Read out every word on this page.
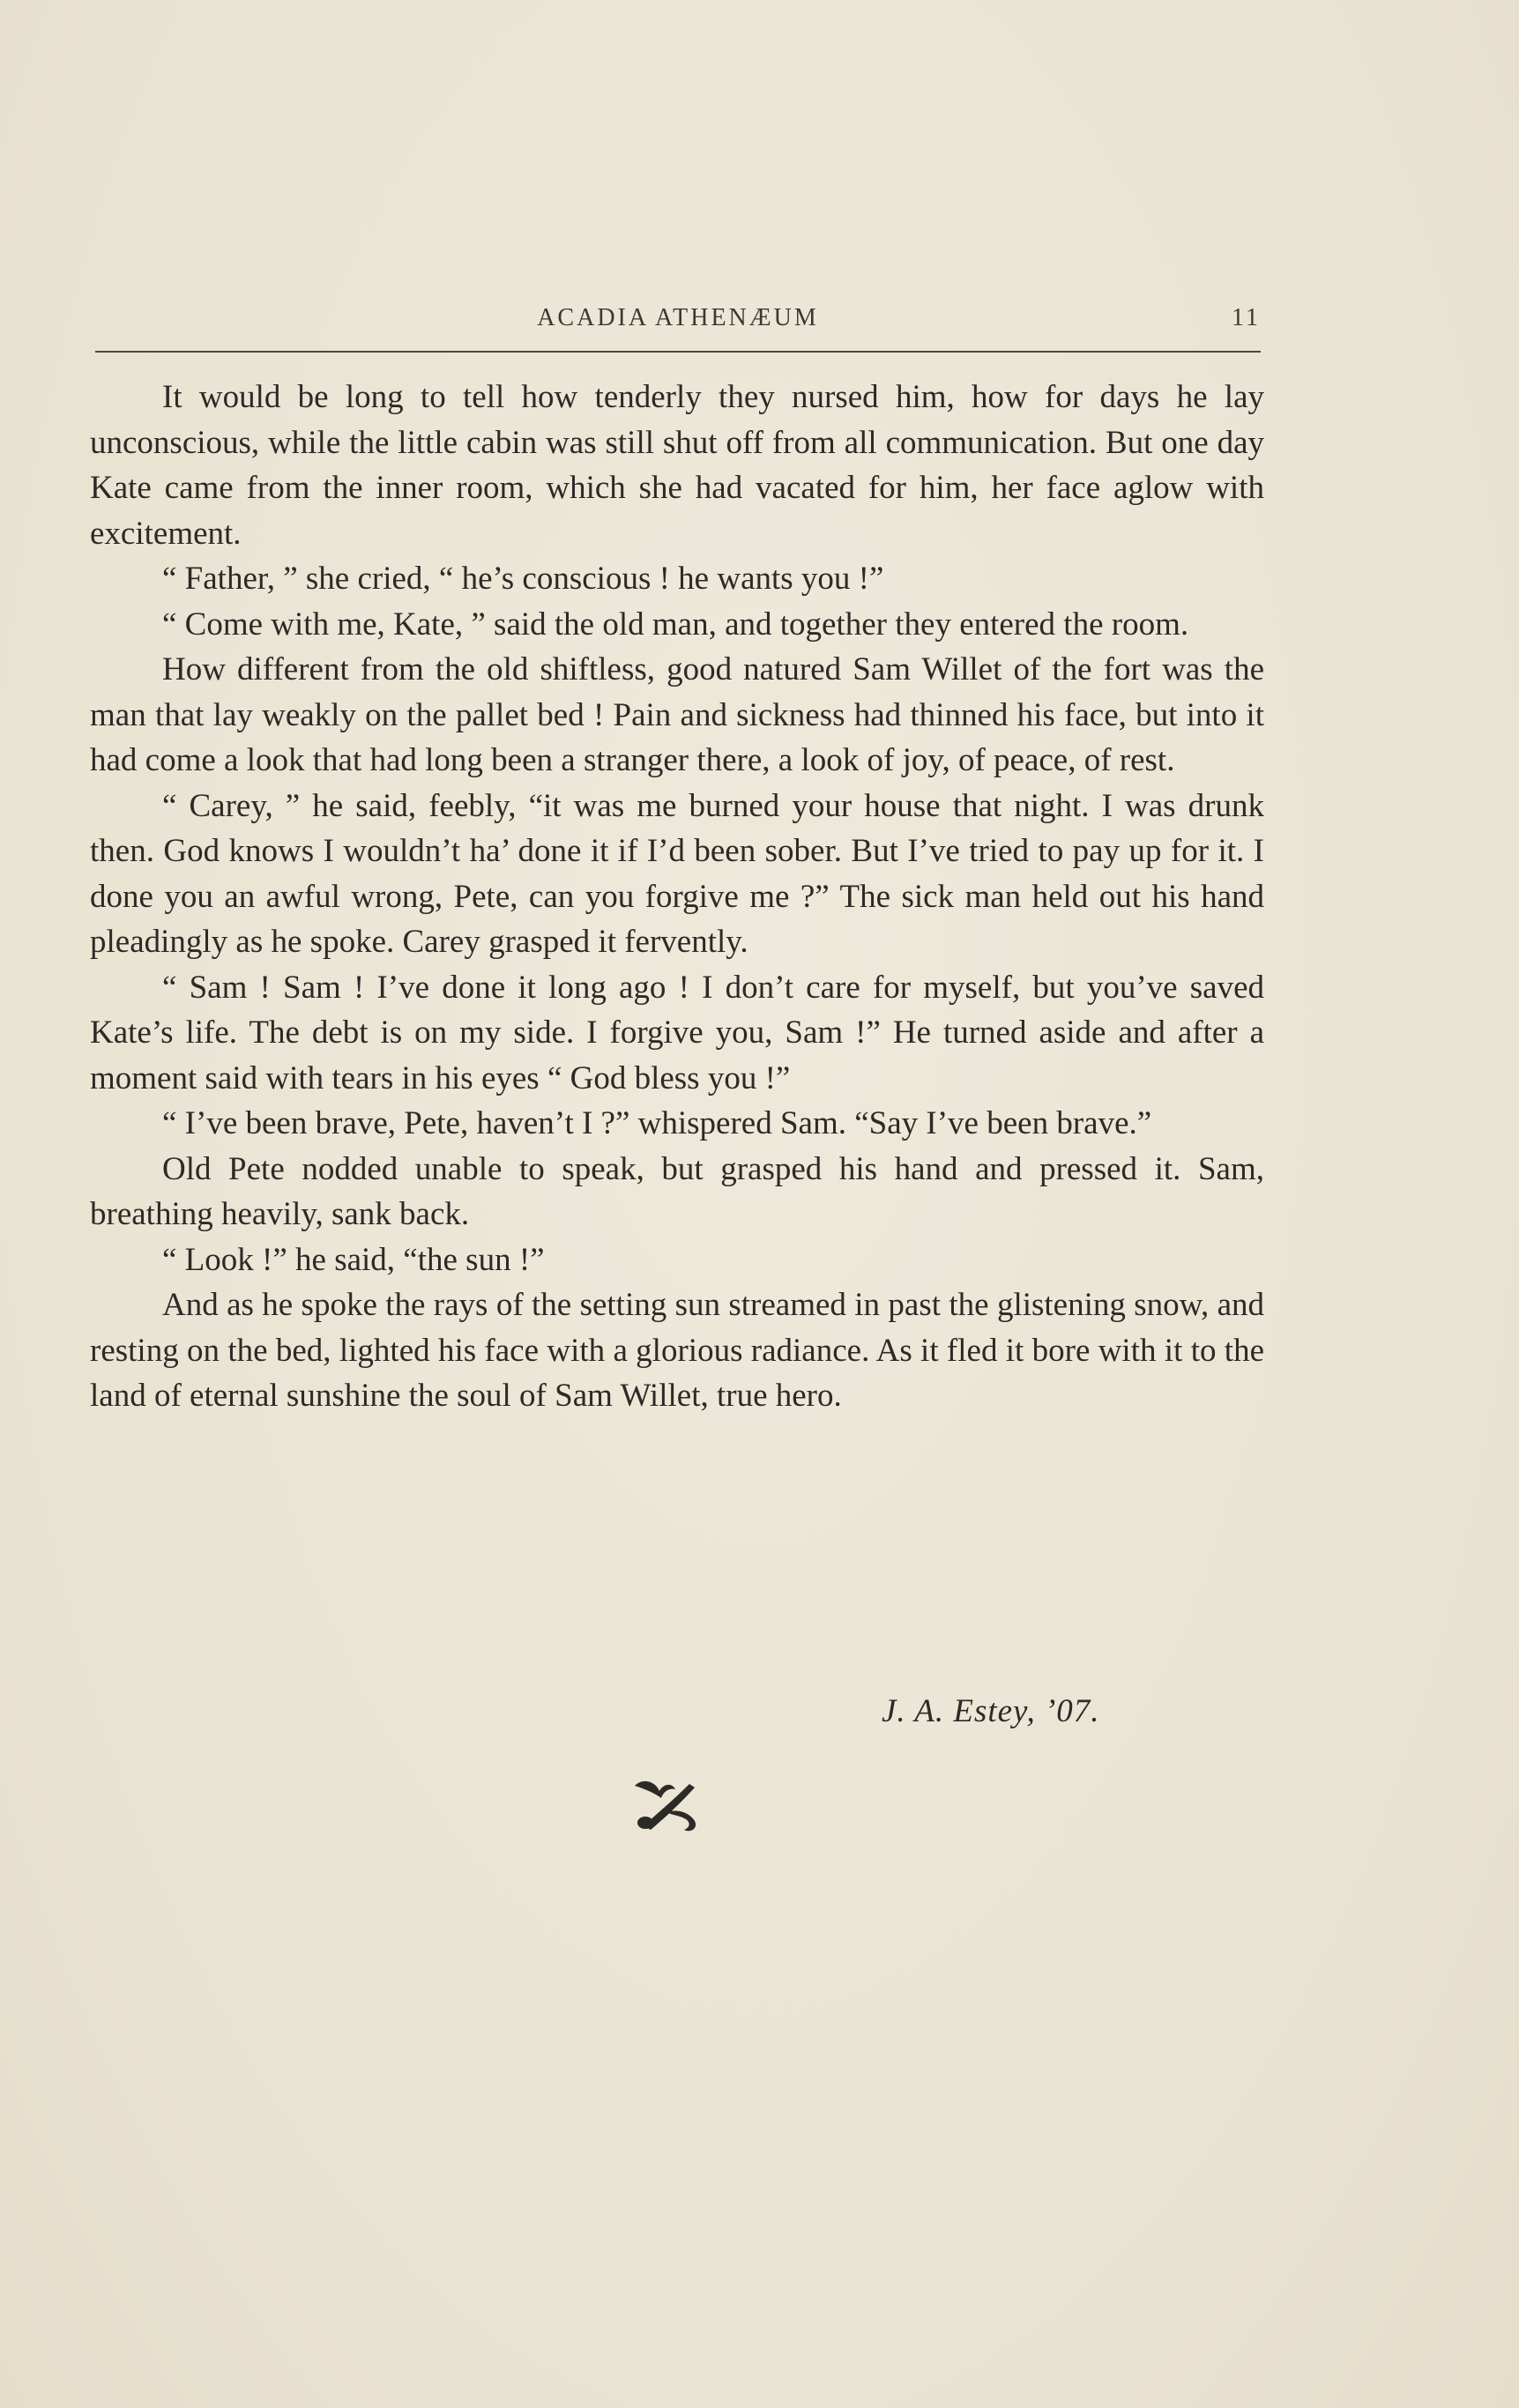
ACADIA ATHENÆUM	11

It would be long to tell how tenderly they nursed him, how for days he lay unconscious, while the little cabin was still shut off from all communication. But one day Kate came from the inner room, which she had vacated for him, her face aglow with excitement.

“ Father, ” she cried, “ he’s conscious ! he wants you !”

“ Come with me, Kate, ” said the old man, and together they entered the room.

How different from the old shiftless, good natured Sam Willet of the fort was the man that lay weakly on the pallet bed ! Pain and sickness had thinned his face, but into it had come a look that had long been a stranger there, a look of joy, of peace, of rest.

“ Carey, ” he said, feebly, “it was me burned your house that night. I was drunk then. God knows I wouldn’t ha’ done it if I’d been sober. But I’ve tried to pay up for it. I done you an awful wrong, Pete, can you forgive me ?” The sick man held out his hand pleadingly as he spoke. Carey grasped it fervently.

“ Sam ! Sam ! I’ve done it long ago ! I don’t care for myself, but you’ve saved Kate’s life. The debt is on my side. I forgive you, Sam !” He turned aside and after a moment said with tears in his eyes “ God bless you !”

“ I’ve been brave, Pete, haven’t I ?” whispered Sam. “Say I’ve been brave.”

Old Pete nodded unable to speak, but grasped his hand and pressed it. Sam, breathing heavily, sank back.

“ Look !” he said, “the sun !”

And as he spoke the rays of the setting sun streamed in past the glistening snow, and resting on the bed, lighted his face with a glorious radiance. As it fled it bore with it to the land of eternal sunshine the soul of Sam Willet, true hero.

J. A. Estey, ’07.
